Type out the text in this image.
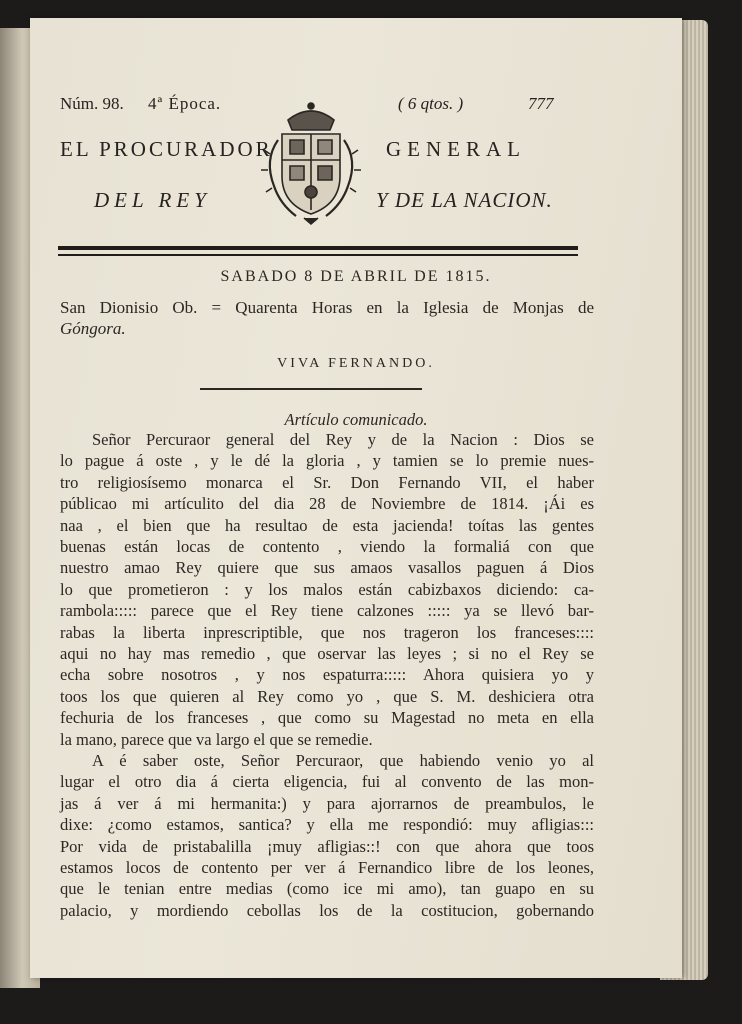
Núm. 98. 4ª Época.	( 6 qtos. )	777
EL PROCURADOR	GENERAL
DEL REY	Y DE LA NACION.
SABADO 8 DE ABRIL DE 1815.
San Dionisio Ob. = Quarenta Horas en la Iglesia de Monjas de
Góngora.
VIVA FERNANDO.
Artículo comunicado.
Señor Percuraor general del Rey y de la Nacion : Dios se
lo pague á oste , y le dé la gloria , y tamien se lo premie nues-
tro religiosísemo monarca el Sr. Don Fernando VII, el haber
públicao mi artículito del dia 28 de Noviembre de 1814. ¡Ái es
naa , el bien que ha resultao de esta jacienda! toítas las gentes
buenas están locas de contento , viendo la formaliá con que
nuestro amao Rey quiere que sus amaos vasallos paguen á Dios
lo que prometieron : y los malos están cabizbaxos diciendo: ca-
rambola::::: parece que el Rey tiene calzones ::::: ya se llevó bar-
rabas la liberta inprescriptible, que nos trageron los franceses::::
aqui no hay mas remedio , que oservar las leyes ; si no el Rey se
echa sobre nosotros , y nos espaturra::::: Ahora quisiera yo y
toos los que quieren al Rey como yo , que S. M. deshiciera otra
fechuria de los franceses , que como su Magestad no meta en ella
la mano, parece que va largo el que se remedie.
A é saber oste, Señor Percuraor, que habiendo venio yo al
lugar el otro dia á cierta eligencia, fui al convento de las mon-
jas á ver á mi hermanita:) y para ajorrarnos de preambulos, le
dixe: ¿como estamos, santica? y ella me respondió: muy afligias:::
Por vida de pristabalilla ¡muy afligias::! con que ahora que toos
estamos locos de contento per ver á Fernandico libre de los leones,
que le tenian entre medias (como ice mi amo), tan guapo en su
palacio, y mordiendo cebollas los de la costitucion, gobernando
